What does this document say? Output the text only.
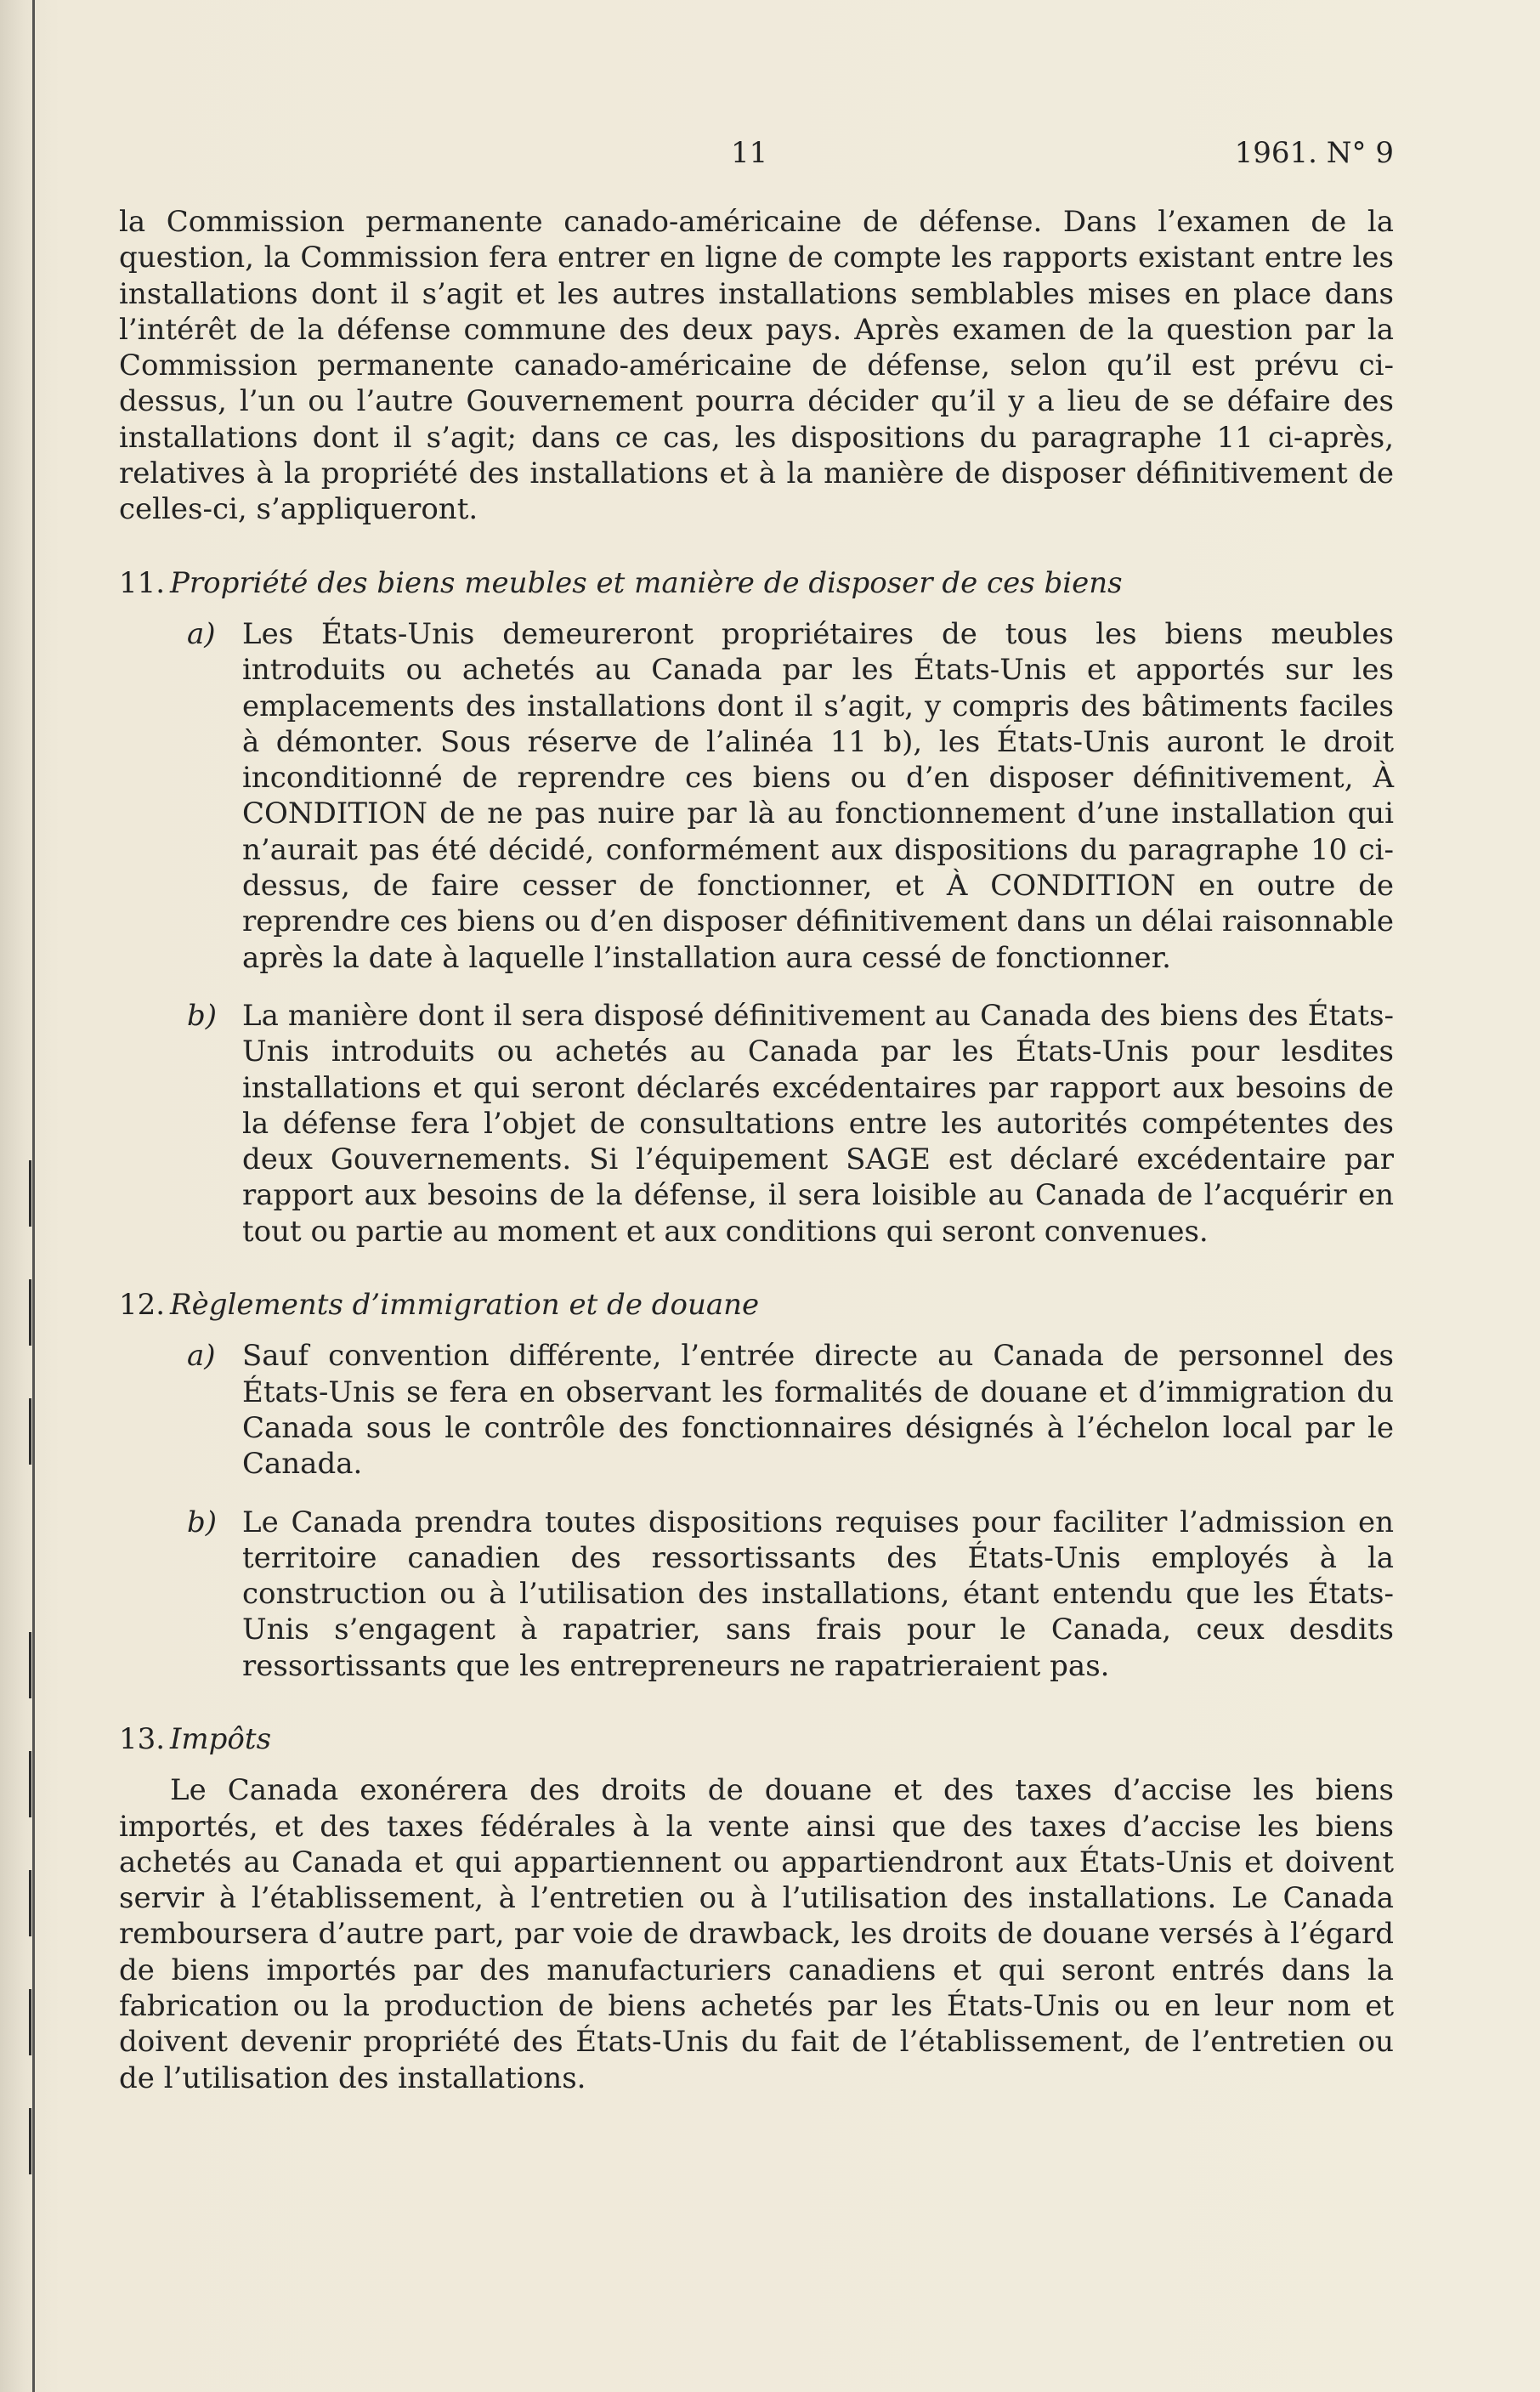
11	1961. N° 9

la Commission permanente canado-américaine de défense. Dans l’examen de la question, la Commission fera entrer en ligne de compte les rapports existant entre les installations dont il s’agit et les autres installations semblables mises en place dans l’intérêt de la défense commune des deux pays. Après examen de la question par la Commission permanente canado-américaine de défense, selon qu’il est prévu ci-dessus, l’un ou l’autre Gouvernement pourra décider qu’il y a lieu de se défaire des installations dont il s’agit; dans ce cas, les dispositions du paragraphe 11 ci-après, relatives à la propriété des installations et à la manière de disposer définitivement de celles-ci, s’appliqueront.

11. Propriété des biens meubles et manière de disposer de ces biens

a) Les États-Unis demeureront propriétaires de tous les biens meubles introduits ou achetés au Canada par les États-Unis et apportés sur les emplacements des installations dont il s’agit, y compris des bâtiments faciles à démonter. Sous réserve de l’alinéa 11 b), les États-Unis auront le droit inconditionné de reprendre ces biens ou d’en disposer définitivement, À CONDITION de ne pas nuire par là au fonctionnement d’une installation qui n’aurait pas été décidé, conformément aux dispositions du paragraphe 10 ci-dessus, de faire cesser de fonctionner, et À CONDITION en outre de reprendre ces biens ou d’en disposer définitivement dans un délai raisonnable après la date à laquelle l’installation aura cessé de fonctionner.

b) La manière dont il sera disposé définitivement au Canada des biens des États-Unis introduits ou achetés au Canada par les États-Unis pour lesdites installations et qui seront déclarés excédentaires par rapport aux besoins de la défense fera l’objet de consultations entre les autorités compétentes des deux Gouvernements. Si l’équipement SAGE est déclaré excédentaire par rapport aux besoins de la défense, il sera loisible au Canada de l’acquérir en tout ou partie au moment et aux conditions qui seront convenues.

12. Règlements d’immigration et de douane

a) Sauf convention différente, l’entrée directe au Canada de personnel des États-Unis se fera en observant les formalités de douane et d’immigration du Canada sous le contrôle des fonctionnaires désignés à l’échelon local par le Canada.

b) Le Canada prendra toutes dispositions requises pour faciliter l’admission en territoire canadien des ressortissants des États-Unis employés à la construction ou à l’utilisation des installations, étant entendu que les États-Unis s’engagent à rapatrier, sans frais pour le Canada, ceux desdits ressortissants que les entrepreneurs ne rapatrieraient pas.

13. Impôts

Le Canada exonérera des droits de douane et des taxes d’accise les biens importés, et des taxes fédérales à la vente ainsi que des taxes d’accise les biens achetés au Canada et qui appartiennent ou appartiendront aux États-Unis et doivent servir à l’établissement, à l’entretien ou à l’utilisation des installations. Le Canada remboursera d’autre part, par voie de drawback, les droits de douane versés à l’égard de biens importés par des manufacturiers canadiens et qui seront entrés dans la fabrication ou la production de biens achetés par les États-Unis ou en leur nom et doivent devenir propriété des États-Unis du fait de l’établissement, de l’entretien ou de l’utilisation des installations.
